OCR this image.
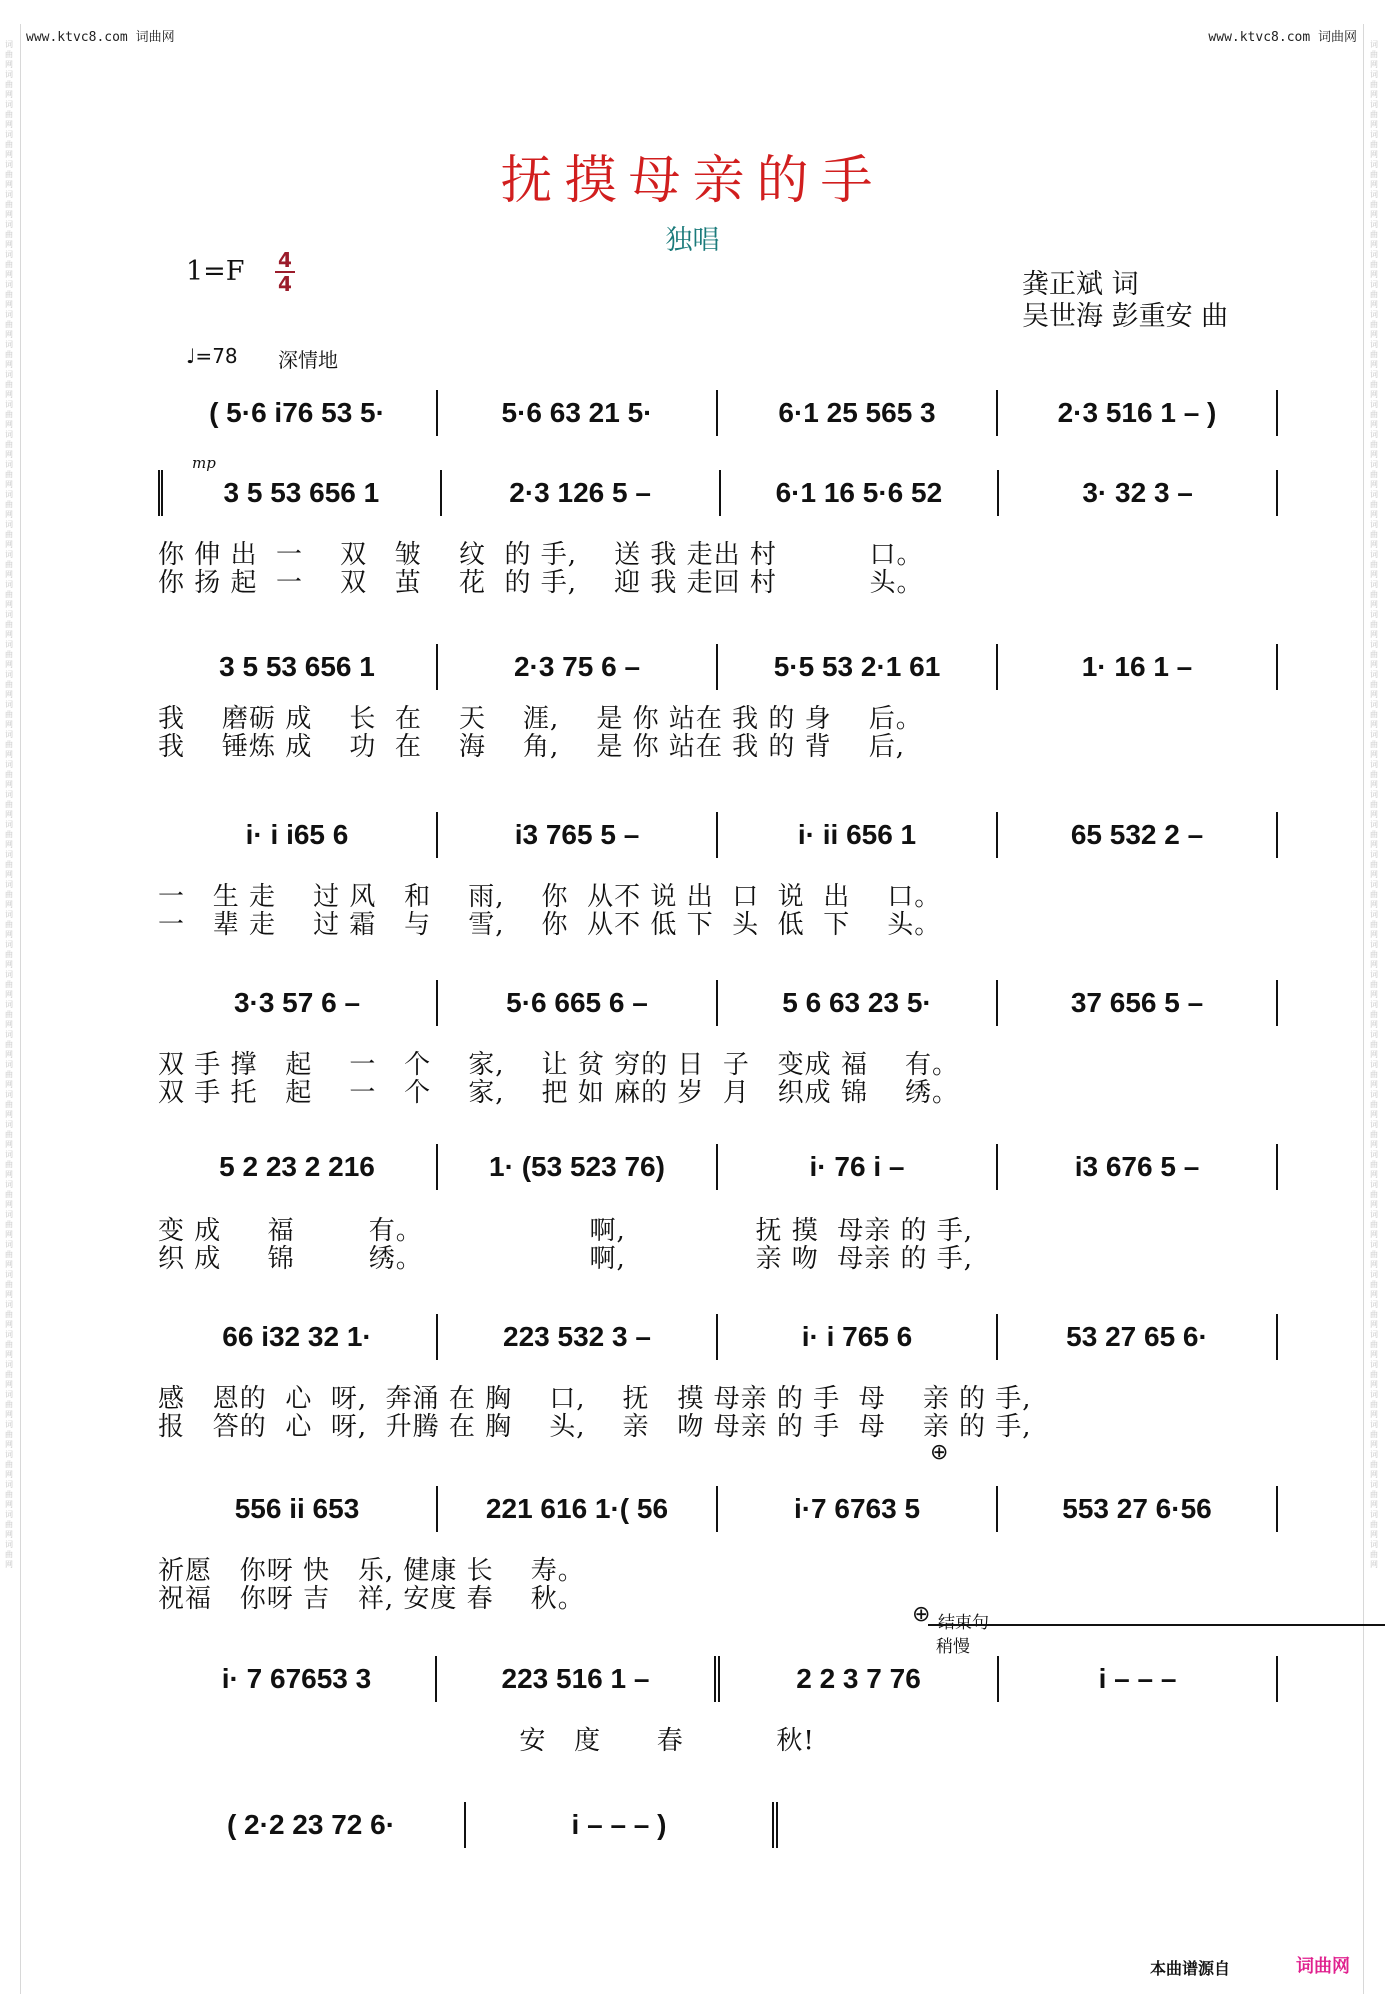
词曲网词曲网词曲网词曲网词曲网词曲网词曲网词曲网词曲网词曲网词曲网词曲网词曲网词曲网词曲网词曲网词曲网词曲网词曲网词曲网词曲网词曲网词曲网词曲网词曲网词曲网词曲网词曲网词曲网词曲网词曲网词曲网词曲网词曲网词曲网词曲网词曲网词曲网词曲网词曲网词曲网词曲网词曲网词曲网词曲网词曲网词曲网词曲网词曲网词曲网词曲网
词曲网词曲网词曲网词曲网词曲网词曲网词曲网词曲网词曲网词曲网词曲网词曲网词曲网词曲网词曲网词曲网词曲网词曲网词曲网词曲网词曲网词曲网词曲网词曲网词曲网词曲网词曲网词曲网词曲网词曲网词曲网词曲网词曲网词曲网词曲网词曲网词曲网词曲网词曲网词曲网词曲网词曲网词曲网词曲网词曲网词曲网词曲网词曲网词曲网词曲网词曲网
www.ktvc8.com 词曲网	www.ktvc8.com 词曲网
抚摸母亲的手
独唱
1=F 4
4	龚正斌 词
吴世海 彭重安 曲
♩=78 深情地
( 5·6 i76 53 5·	5·6 63 21 5·	6·1 25 565 3	2·3 516 1 – )
mp
3 5 53 656 1	2·3 126 5 –	6·1 16 5·6 52	3· 32 3 –
你 伸 出  一    双   皱    纹  的 手,    送 我 走出 村          口。
你 扬 起  一    双   茧    花  的 手,    迎 我 走回 村          头。
3 5 53 656 1	2·3 75 6 –	5·5 53 2·1 61	1· 16 1 –
我    磨砺 成    长  在    天    涯,    是 你 站在 我 的 身    后。
我    锤炼 成    功  在    海    角,    是 你 站在 我 的 背    后,
i· i i65 6	i3 765 5 –	i· ii 656 1	65 532 2 –
一   生 走    过 风   和    雨,    你  从不 说 出  口  说  出    口。
一   辈 走    过 霜   与    雪,    你  从不 低 下  头  低  下    头。
3·3 57 6 –	5·6 665 6 –	5 6 63 23 5·	37 656 5 –
双 手 撑   起    一   个    家,    让 贫 穷的 日  子   变成 福    有。
双 手 托   起    一   个    家,    把 如 麻的 岁  月   织成 锦    绣。
5 2 23 2 216	1· (53 523 76)	i· 76 i –	i3 676 5 –
变 成     福        有。                  啊,              抚 摸  母亲 的 手,
织 成     锦        绣。                  啊,              亲 吻  母亲 的 手,
66 i32 32 1·	223 532 3 –	i· i 765 6	53 27 65 6·
感   恩的  心  呀,  奔涌 在 胸    口,    抚   摸 母亲 的 手  母    亲 的 手,
报   答的  心  呀,  升腾 在 胸    头,    亲   吻 母亲 的 手  母    亲 的 手,
⊕
556 ii 653	221 616 1·( 56	i·7 6763 5	553 27 6·56
祈愿   你呀 快   乐, 健康 长    寿。
祝福   你呀 吉   祥, 安度 春    秋。
⊕ 结束句
稍慢
i· 7 67653 3	223 516 1 –	2 2 3 7 76	i – – –
安   度      春          秋!
( 2·2 23 72 6·	i – – – )
本曲谱源自	词曲网
